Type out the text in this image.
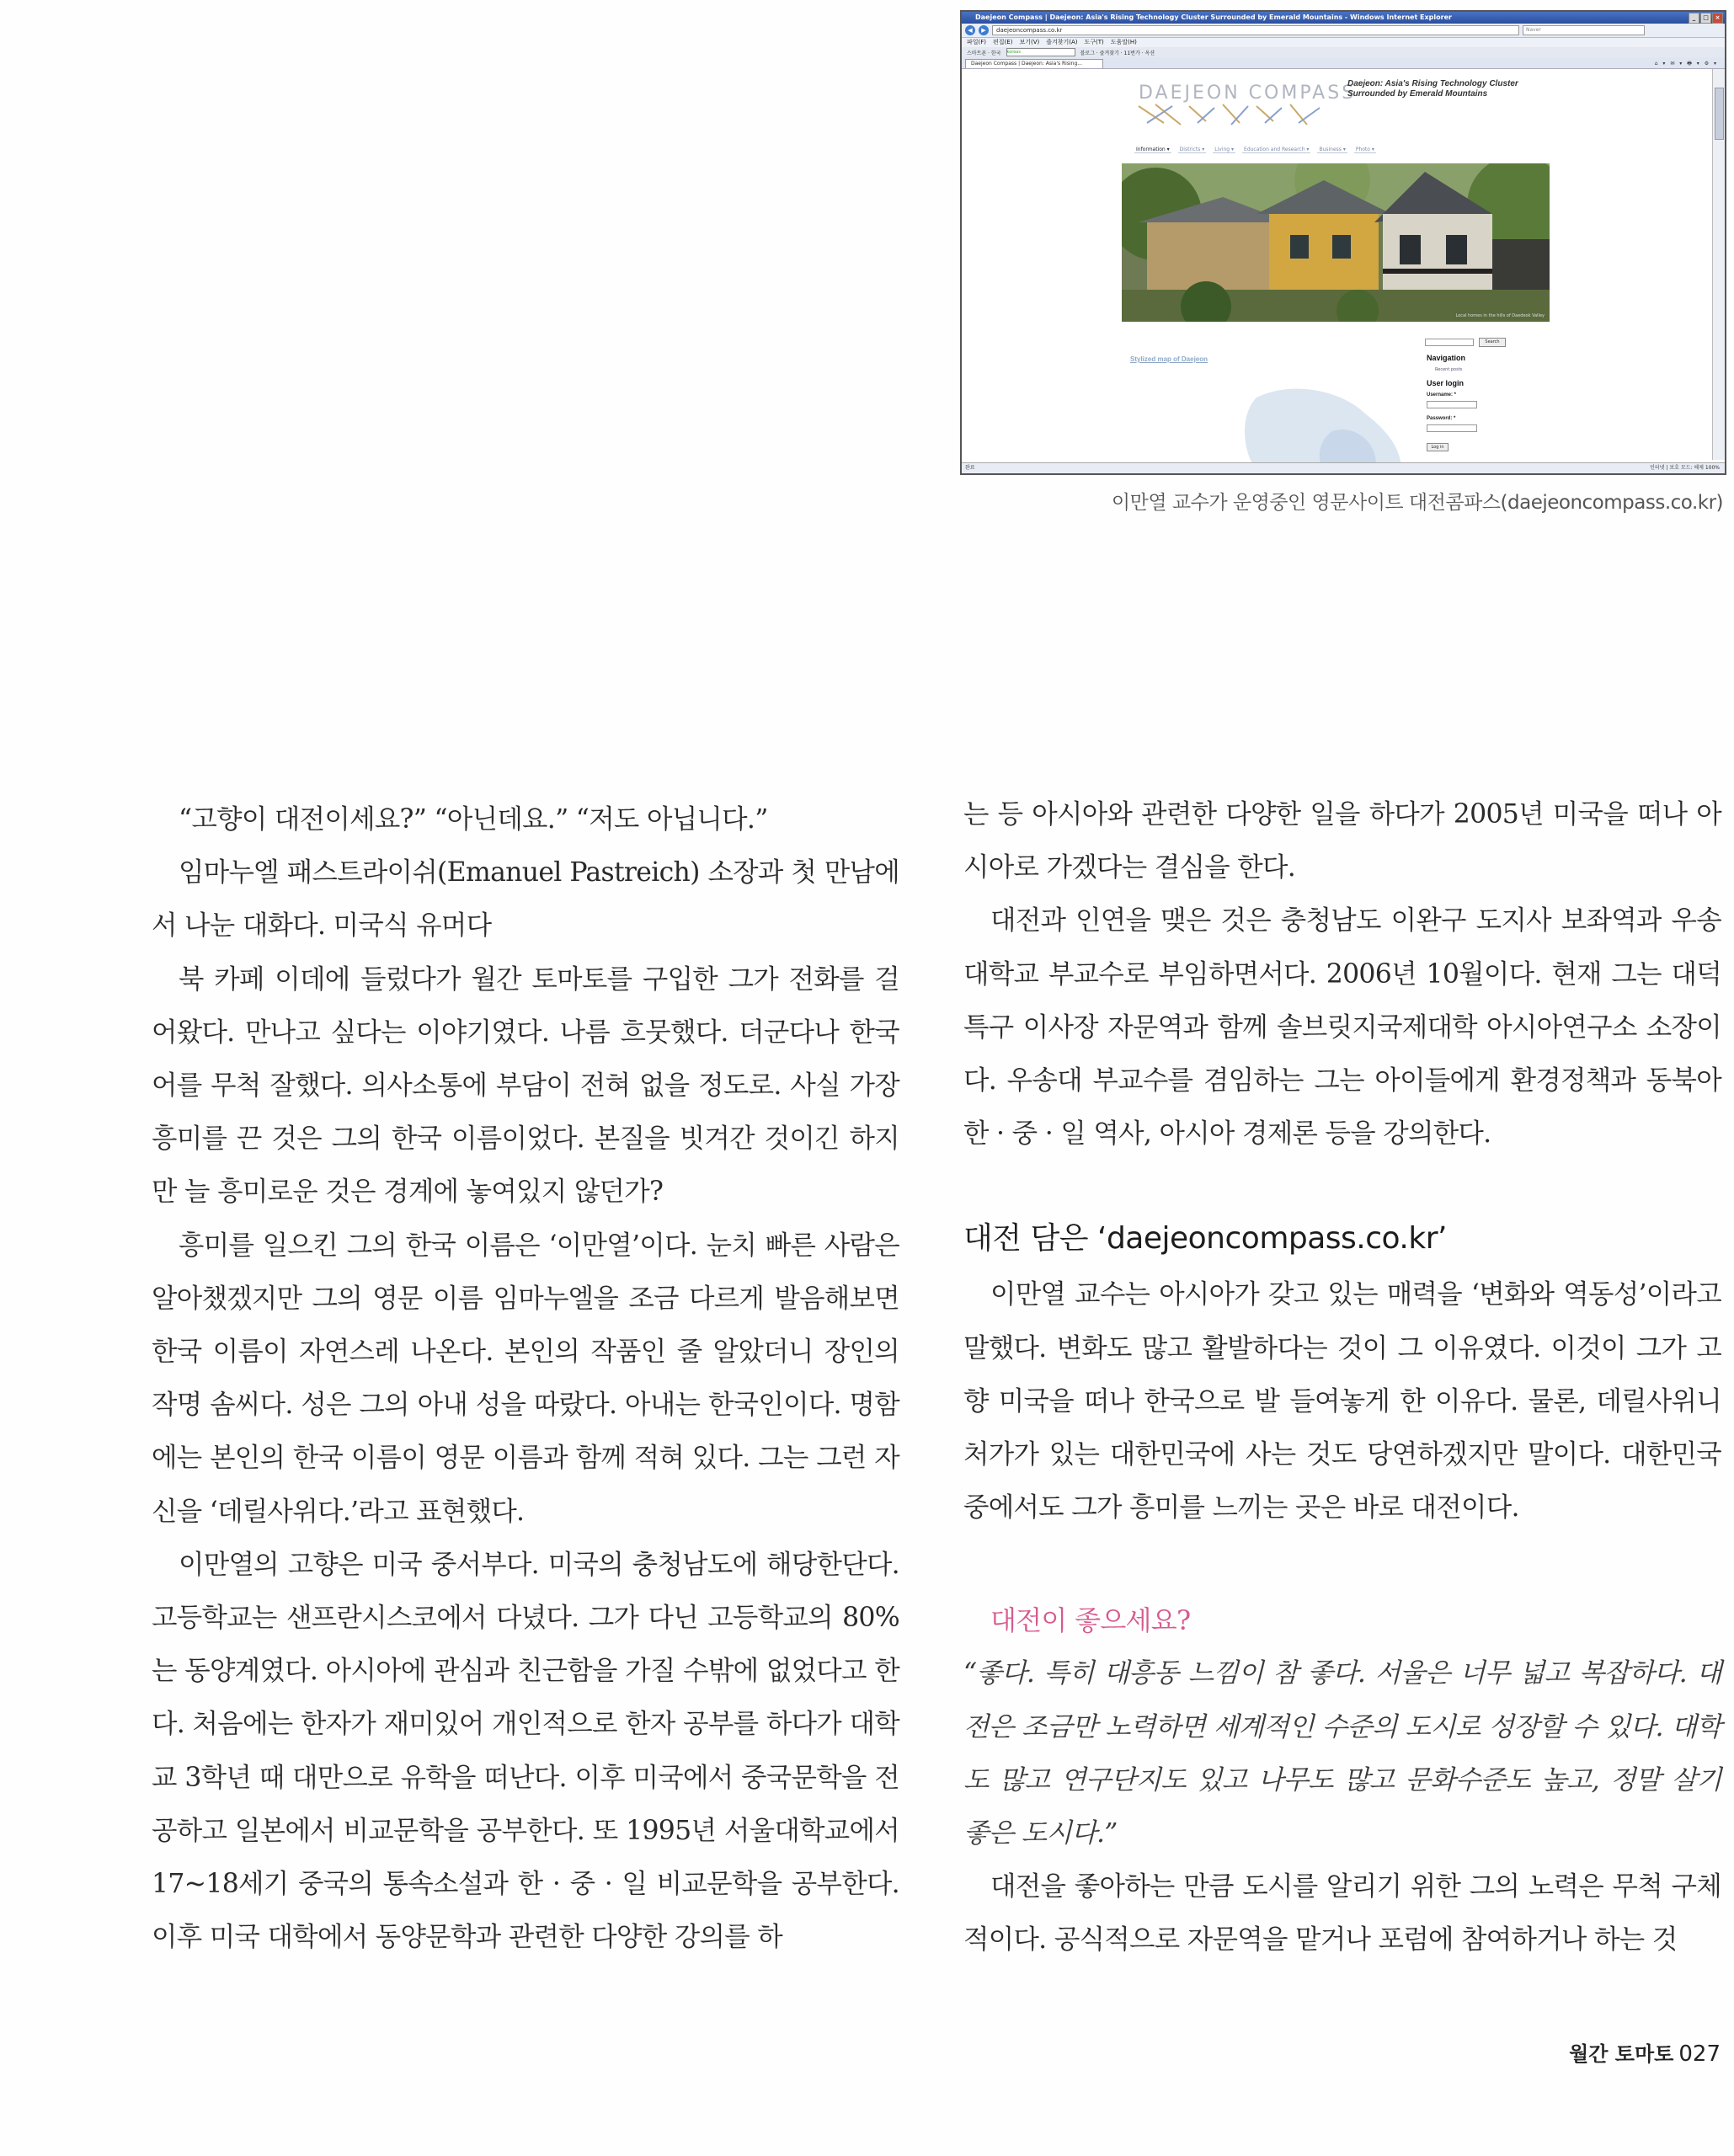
Daejeon Compass | Daejeon: Asia's Rising Technology Cluster Surrounded by Emerald Mountains - Windows Internet Explorer	_	□	×
◀	▶	daejeoncompass.co.kr	Naver
파일(F) 편집(E) 보기(V) 즐겨찾기(A) 도구(T) 도움말(H)
스마트폰 · 한국 koreas	블로그 · 즐겨찾기 · 11번가 · 옥션
Daejeon Compass | Daejeon: Asia's Rising...	⌂ ▾ ✉ ▾ 🖶 ▾ ⚙ ▾
DAEJEON COMPASS
Daejeon: Asia's Rising Technology Cluster
Surrounded by Emerald Mountains
Information ▾	Districts ▾	Living ▾	Education and Research ▾	Business ▾	Photo ▾
Local homes in the hills of Daedeok Valley
Stylized map of Daejeon
Search
Navigation
Recent posts
User login
Username: *
Password: *
Log in
완료	인터넷 | 보호 모드: 해제 100%
이만열 교수가 운영중인 영문사이트 대전콤파스(daejeoncompass.co.kr)

“고향이 대전이세요?” “아닌데요.” “저도 아닙니다.”

임마누엘 패스트라이쉬(Emanuel Pastreich) 소장과 첫 만남에서 나눈 대화다. 미국식 유머다

북 카페 이데에 들렀다가 월간 토마토를 구입한 그가 전화를 걸어왔다. 만나고 싶다는 이야기였다. 나름 흐뭇했다. 더군다나 한국어를 무척 잘했다. 의사소통에 부담이 전혀 없을 정도로. 사실 가장 흥미를 끈 것은 그의 한국 이름이었다. 본질을 빗겨간 것이긴 하지만 늘 흥미로운 것은 경계에 놓여있지 않던가?

흥미를 일으킨 그의 한국 이름은 ‘이만열’이다. 눈치 빠른 사람은 알아챘겠지만 그의 영문 이름 임마누엘을 조금 다르게 발음해보면 한국 이름이 자연스레 나온다. 본인의 작품인 줄 알았더니 장인의 작명 솜씨다. 성은 그의 아내 성을 따랐다. 아내는 한국인이다. 명함에는 본인의 한국 이름이 영문 이름과 함께 적혀 있다. 그는 그런 자신을 ‘데릴사위다.’라고 표현했다.

이만열의 고향은 미국 중서부다. 미국의 충청남도에 해당한단다. 고등학교는 샌프란시스코에서 다녔다. 그가 다닌 고등학교의 80%는 동양계였다. 아시아에 관심과 친근함을 가질 수밖에 없었다고 한다. 처음에는 한자가 재미있어 개인적으로 한자 공부를 하다가 대학교 3학년 때 대만으로 유학을 떠난다. 이후 미국에서 중국문학을 전공하고 일본에서 비교문학을 공부한다. 또 1995년 서울대학교에서 17~18세기 중국의 통속소설과 한 · 중 · 일 비교문학을 공부한다. 이후 미국 대학에서 동양문학과 관련한 다양한 강의를 하

는 등 아시아와 관련한 다양한 일을 하다가 2005년 미국을 떠나 아시아로 가겠다는 결심을 한다.

대전과 인연을 맺은 것은 충청남도 이완구 도지사 보좌역과 우송대학교 부교수로 부임하면서다. 2006년 10월이다. 현재 그는 대덕특구 이사장 자문역과 함께 솔브릿지국제대학 아시아연구소 소장이다. 우송대 부교수를 겸임하는 그는 아이들에게 환경정책과 동북아 한 · 중 · 일 역사, 아시아 경제론 등을 강의한다.

대전 담은 ‘daejeoncompass.co.kr’

이만열 교수는 아시아가 갖고 있는 매력을 ‘변화와 역동성’이라고 말했다. 변화도 많고 활발하다는 것이 그 이유였다. 이것이 그가 고향 미국을 떠나 한국으로 발 들여놓게 한 이유다. 물론, 데릴사위니 처가가 있는 대한민국에 사는 것도 당연하겠지만 말이다. 대한민국 중에서도 그가 흥미를 느끼는 곳은 바로 대전이다.

대전이 좋으세요?

“좋다. 특히 대흥동 느낌이 참 좋다. 서울은 너무 넓고 복잡하다. 대전은 조금만 노력하면 세계적인 수준의 도시로 성장할 수 있다. 대학도 많고 연구단지도 있고 나무도 많고 문화수준도 높고, 정말 살기 좋은 도시다.”

대전을 좋아하는 만큼 도시를 알리기 위한 그의 노력은 무척 구체적이다. 공식적으로 자문역을 맡거나 포럼에 참여하거나 하는 것

월간 토마토 027
